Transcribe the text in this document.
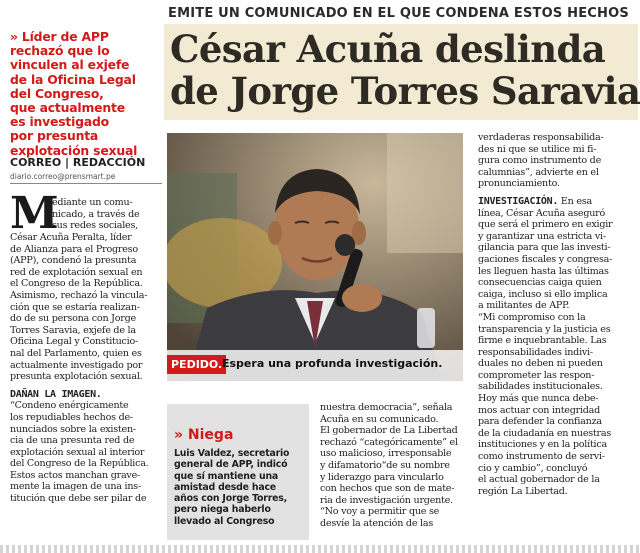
EMITE UN COMUNICADO EN EL QUE CONDENA ESTOS HECHOS
César Acuña deslinda
de Jorge Torres Saravia
» Líder de APP
rechazó que lo
vinculen al exjefe
de la Oficina Legal
del Congreso,
que actualmente
es investigado
por presunta
explotación sexual
CORREO | REDACCIÓN
diario.correo@prensmart.pe
M
ediante un comu-
nicado, a través de
sus redes sociales,
César Acuña Peralta, líder
de Alianza para el Progreso
(APP), condenó la presunta
red de explotación sexual en
el Congreso de la República.
Asimismo, rechazó la vincula-
ción que se estaría realizan-
do de su persona con Jorge
Torres Saravia, exjefe de la
Oficina Legal y Constitucio-
nal del Parlamento, quien es
actualmente investigado por
presunta explotación sexual.
DAÑAN LA IMAGEN.
“Condeno enérgicamente
los repudiables hechos de-
nunciados sobre la existen-
cia de una presunta red de
explotación sexual al interior
del Congreso de la República.
Estos actos manchan grave-
mente la imagen de una ins-
titución que debe ser pilar de
PEDIDO. Espera una profunda investigación.
» Niega
Luis Valdez, secretario
general de APP, indicó
que sí mantiene una
amistad desde hace
años con Jorge Torres,
pero niega haberlo
llevado al Congreso
nuestra democracia”, señala
Acuña en su comunicado.
El gobernador de La Libertad
rechazó “categóricamente” el
uso malicioso, irresponsable
y difamatorio“de su nombre
y liderazgo para vincularlo
con hechos que son de mate-
ria de investigación urgente.
“No voy a permitir que se
desvíe la atención de las
verdaderas responsabilida-
des ni que se utilice mi fi-
gura como instrumento de
calumnias”, advierte en el
pronunciamiento.
INVESTIGACIÓN. En esa
línea, César Acuña aseguró
que será el primero en exigir
y garantizar una estricta vi-
gilancia para que las investi-
gaciones fiscales y congresa-
les lleguen hasta las últimas
consecuencias caiga quien
caiga, incluso si ello implica
a militantes de APP.
“Mi compromiso con la
transparencia y la justicia es
firme e inquebrantable. Las
responsabilidades indivi-
duales no deben ni pueden
comprometer las respon-
sabilidades institucionales.
Hoy más que nunca debe-
mos actuar con integridad
para defender la confianza
de la ciudadanía en nuestras
instituciones y en la política
como instrumento de servi-
cio y cambio”, concluyó
el actual gobernador de la
región La Libertad.
